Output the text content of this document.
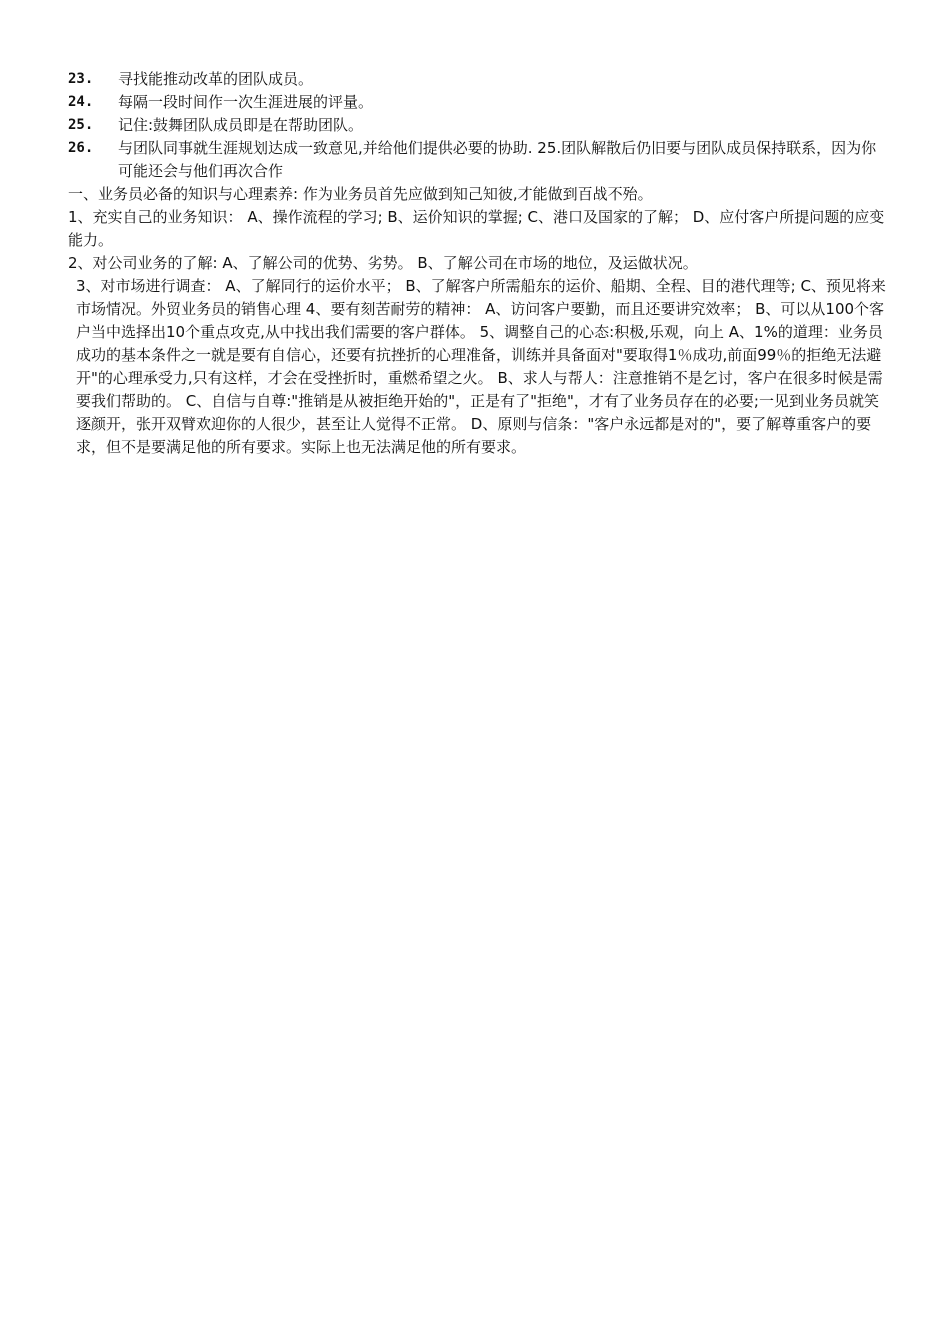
23.	寻找能推动改革的团队成员。
24.	每隔一段时间作一次生涯进展的评量。
25.	记住:鼓舞团队成员即是在帮助团队。
26.	与团队同事就生涯规划达成一致意见,并给他们提供必要的协助. 25.团队解散后仍旧要与团队成员保持联系，因为你可能还会与他们再次合作

一、业务员必备的知识与心理素养: 作为业务员首先应做到知己知彼,才能做到百战不殆。

1、充实自己的业务知识： A、操作流程的学习; B、运价知识的掌握; C、港口及国家的了解； D、应付客户所提问题的应变能力。

2、对公司业务的了解: A、了解公司的优势、劣势。 B、了解公司在市场的地位，及运做状况。

3、对市场进行调查： A、了解同行的运价水平； B、了解客户所需船东的运价、船期、全程、目的港代理等; C、预见将来市场情况。外贸业务员的销售心理 4、要有刻苦耐劳的精神： A、访问客户要勤，而且还要讲究效率； B、可以从100个客户当中选择出10个重点攻克,从中找出我们需要的客户群体。 5、调整自己的心态:积极,乐观，向上 A、1%的道理：业务员成功的基本条件之一就是要有自信心，还要有抗挫折的心理准备，训练并具备面对"要取得1％成功,前面99％的拒绝无法避开"的心理承受力,只有这样，才会在受挫折时，重燃希望之火。 B、求人与帮人：注意推销不是乞讨，客户在很多时候是需要我们帮助的。 C、自信与自尊:"推销是从被拒绝开始的"，正是有了"拒绝"，才有了业务员存在的必要;一见到业务员就笑逐颜开，张开双臂欢迎你的人很少，甚至让人觉得不正常。 D、原则与信条："客户永远都是对的"，要了解尊重客户的要求，但不是要满足他的所有要求。实际上也无法满足他的所有要求。
